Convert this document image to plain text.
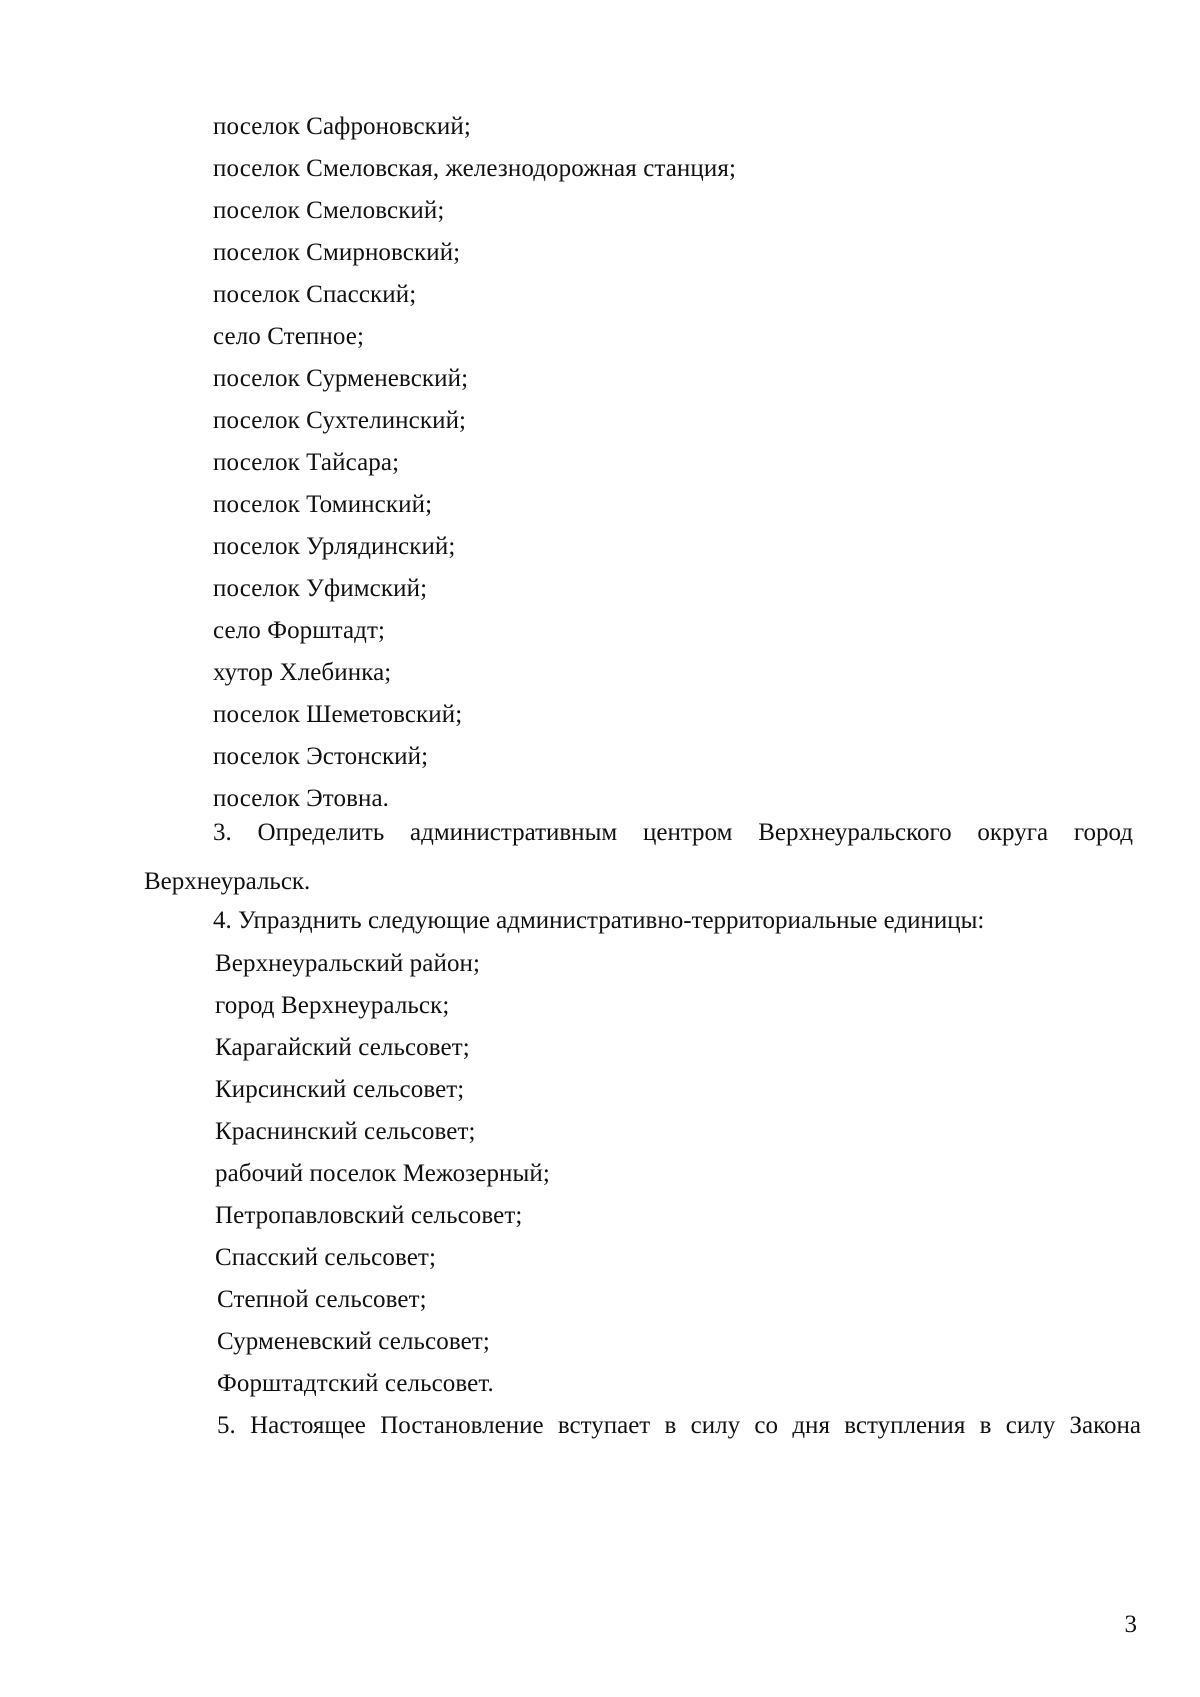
поселок Сафроновский;
поселок Смеловская, железнодорожная станция;
поселок Смеловский;
поселок Смирновский;
поселок Спасский;
село Степное;
поселок Сурменевский;
поселок Сухтелинский;
поселок Тайсара;
поселок Томинский;
поселок Урлядинский;
поселок Уфимский;
село Форштадт;
хутор Хлебинка;
поселок Шеметовский;
поселок Эстонский;
поселок Этовна.
3. Определить административным центром Верхнеуральского округа город
Верхнеуральск.
4. Упразднить следующие административно-территориальные единицы:
Верхнеуральский район;
город Верхнеуральск;
Карагайский сельсовет;
Кирсинский сельсовет;
Краснинский сельсовет;
рабочий поселок Межозерный;
Петропавловский сельсовет;
Спасский сельсовет;
Степной сельсовет;
Сурменевский сельсовет;
Форштадтский сельсовет.
5. Настоящее Постановление вступает в силу со дня вступления в силу Закона
3
